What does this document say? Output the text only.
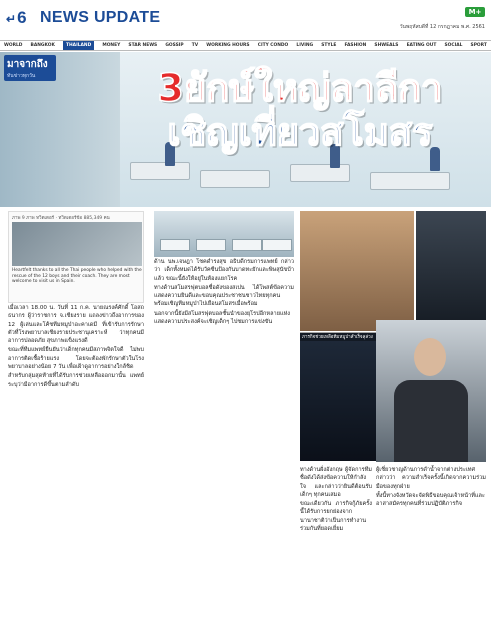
↵6 NEWS UPDATE	M+
วันพฤหัสบดีที่ 12 กรกฎาคม พ.ศ. 2561
WORLD BANGKOK	THAILAND	MONEY STAR NEWS GOSSIP TV WORKING HOURS CITY CONDO LIVING STYLE FASHION SHWEALS EATING OUT SOCIAL SPORT
มาจากถึง
ทันข่าวทุกวัน	3ยักษ์ใหญ่ลาลีกา
เชิญเที่ยวสโมสร
ภาพ 9 ภาพ ทวิตเตอร์ · ทวิตเตอร์ข้อ 885,349 คน
Heartfelt thanks to all the Thai people who helped with the rescue of the 12 boys and their coach. They are most welcome to visit us in Spain.
ภารกิจช่วยเหลือทีมหมูป่าสำเร็จลุล่วง

เมื่อเวลา 18.00 น. วันที่ 11 ก.ค. นายณรงค์ศักดิ์ โอสถธนากร ผู้ว่าราชการ จ.เชียงราย แถลงข่าวถึงอาการของ 12 ผู้เล่นและโค้ชทีมหมูป่าอะคาเดมี ที่เข้ารับการรักษาตัวที่โรงพยาบาลเชียงรายประชานุเคราะห์ ว่าทุกคนมีอาการปลอดภัย สุขภาพแข็งแรงดี

ขณะที่ทีมแพทย์ยืนยันว่าเด็กทุกคนมีสภาพจิตใจดี ไม่พบอาการติดเชื้อร้ายแรง โดยจะต้องพักรักษาตัวในโรงพยาบาลอย่างน้อย 7 วัน เพื่อเฝ้าดูอาการอย่างใกล้ชิด

สำหรับกลุ่มสุดท้ายที่ได้รับการช่วยเหลือออกมานั้น แพทย์ระบุว่ามีอาการดีขึ้นตามลำดับ

ด้าน นพ.เจษฎา โชคดำรงสุข อธิบดีกรมการแพทย์ กล่าวว่า เด็กทั้งหมดได้รับวัคซีนป้องกันบาดทะยักและพิษสุนัขบ้าแล้ว ขณะนี้ยังให้อยู่ในห้องแยกโรค

ทางด้านสโมสรฟุตบอลชื่อดังของสเปน ได้โพสต์ข้อความแสดงความยินดีและขอบคุณประชาชนชาวไทยทุกคน พร้อมเชิญทีมหมูป่าไปเยือนสโมสรเมื่อพร้อม

นอกจากนี้ยังมีสโมสรฟุตบอลชั้นนำของยุโรปอีกหลายแห่งแสดงความประสงค์จะเชิญเด็กๆ ไปชมการแข่งขัน

ทางด้านฝั่งอังกฤษ ผู้จัดการทีมชื่อดังได้ส่งข้อความให้กำลังใจ และกล่าวว่ายินดีต้อนรับเด็กๆ ทุกคนเสมอ

ขณะเดียวกัน ภารกิจกู้ภัยครั้งนี้ได้รับการยกย่องจากนานาชาติว่าเป็นการทำงานร่วมกันที่ยอดเยี่ยม

ผู้เชี่ยวชาญด้านการดำน้ำจากต่างประเทศกล่าวว่า ความสำเร็จครั้งนี้เกิดจากความร่วมมือของทุกฝ่าย

ทั้งนี้ทางจังหวัดจะจัดพิธีขอบคุณเจ้าหน้าที่และอาสาสมัครทุกคนที่ร่วมปฏิบัติภารกิจ
